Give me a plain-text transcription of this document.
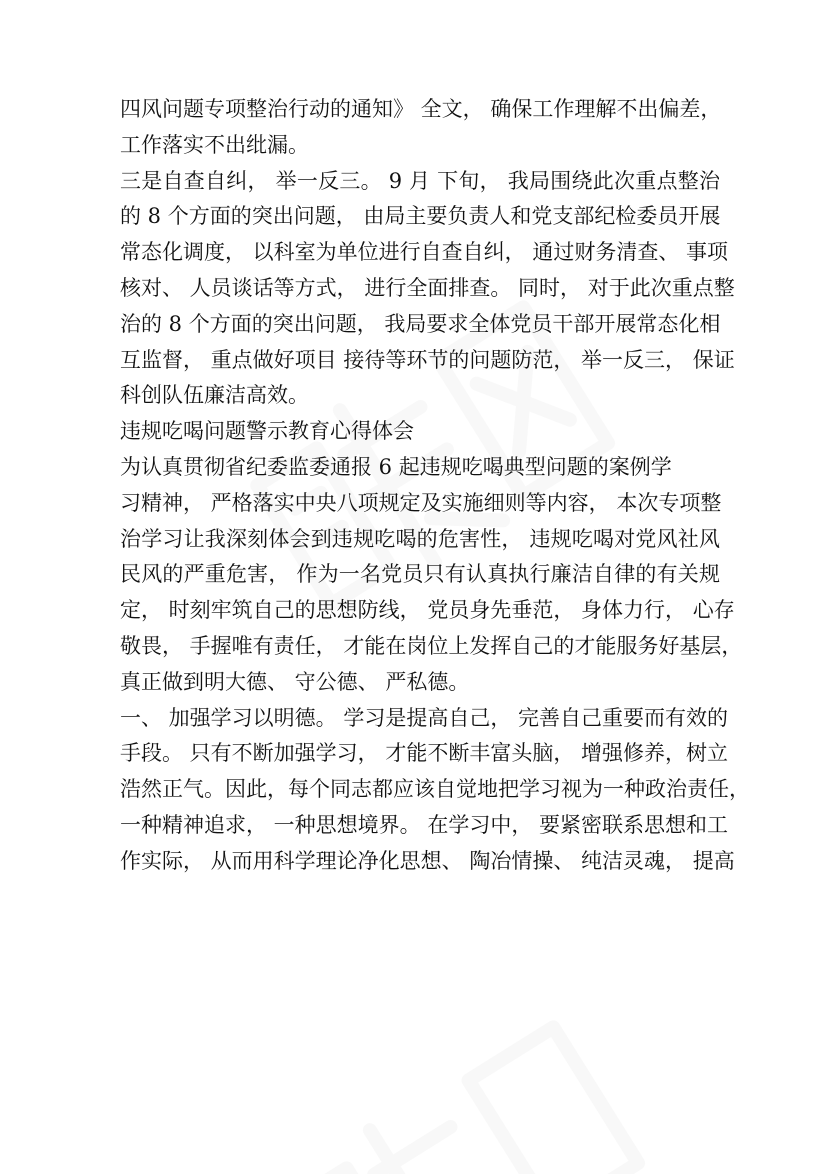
四风问题专项整治行动的通知》 全文， 确保工作理解不出偏差，
工作落实不出纰漏。
三是自查自纠， 举一反三。 9 月 下旬， 我局围绕此次重点整治
的 8 个方面的突出问题， 由局主要负责人和党支部纪检委员开展
常态化调度， 以科室为单位进行自查自纠， 通过财务清查、 事项
核对、 人员谈话等方式， 进行全面排查。 同时， 对于此次重点整
治的 8 个方面的突出问题， 我局要求全体党员干部开展常态化相
互监督， 重点做好项目 接待等环节的问题防范， 举一反三， 保证
科创队伍廉洁高效。
违规吃喝问题警示教育心得体会
为认真贯彻省纪委监委通报 6 起违规吃喝典型问题的案例学
习精神， 严格落实中央八项规定及实施细则等内容， 本次专项整
治学习让我深刻体会到违规吃喝的危害性， 违规吃喝对党风社风
民风的严重危害， 作为一名党员只有认真执行廉洁自律的有关规
定， 时刻牢筑自己的思想防线， 党员身先垂范， 身体力行， 心存
敬畏， 手握唯有责任， 才能在岗位上发挥自己的才能服务好基层，
真正做到明大德、 守公德、 严私德。
一、 加强学习以明德。 学习是提高自己， 完善自己重要而有效的
手段。 只有不断加强学习， 才能不断丰富头脑， 增强修养，树立
浩然正气。因此，每个同志都应该自觉地把学习视为一种政治责任，
一种精神追求， 一种思想境界。 在学习中， 要紧密联系思想和工
作实际， 从而用科学理论净化思想、 陶冶情操、 纯洁灵魂， 提高
